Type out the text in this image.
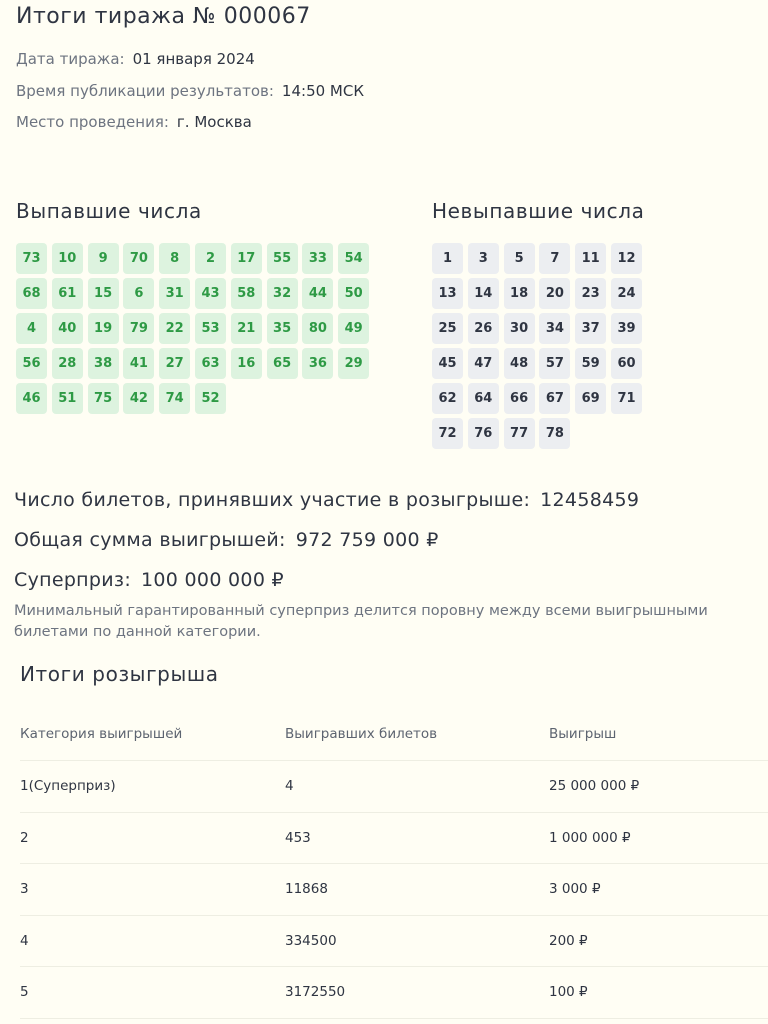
Итоги тиража № 000067
Дата тиража: 01 января 2024
Время публикации результатов: 14:50 МСК
Место проведения: г. Москва
Выпавшие числа
73	10	9	70	8	2	17	55	33	54
68	61	15	6	31	43	58	32	44	50
4	40	19	79	22	53	21	35	80	49
56	28	38	41	27	63	16	65	36	29
46	51	75	42	74	52
Невыпавшие числа
1	3	5	7	11	12
13	14	18	20	23	24
25	26	30	34	37	39
45	47	48	57	59	60
62	64	66	67	69	71
72	76	77	78
Число билетов, принявших участие в розыгрыше: 12458459
Общая сумма выигрышей: 972 759 000 ₽
Суперприз: 100 000 000 ₽

Минимальный гарантированный суперприз делится поровну между всеми выигрышными билетами по данной категории.

Итоги розыгрыша
Категория выигрышей	Выигравших билетов	Выигрыш
1(Суперприз)	4	25 000 000 ₽
2	453	1 000 000 ₽
3	11868	3 000 ₽
4	334500	200 ₽
5	3172550	100 ₽
